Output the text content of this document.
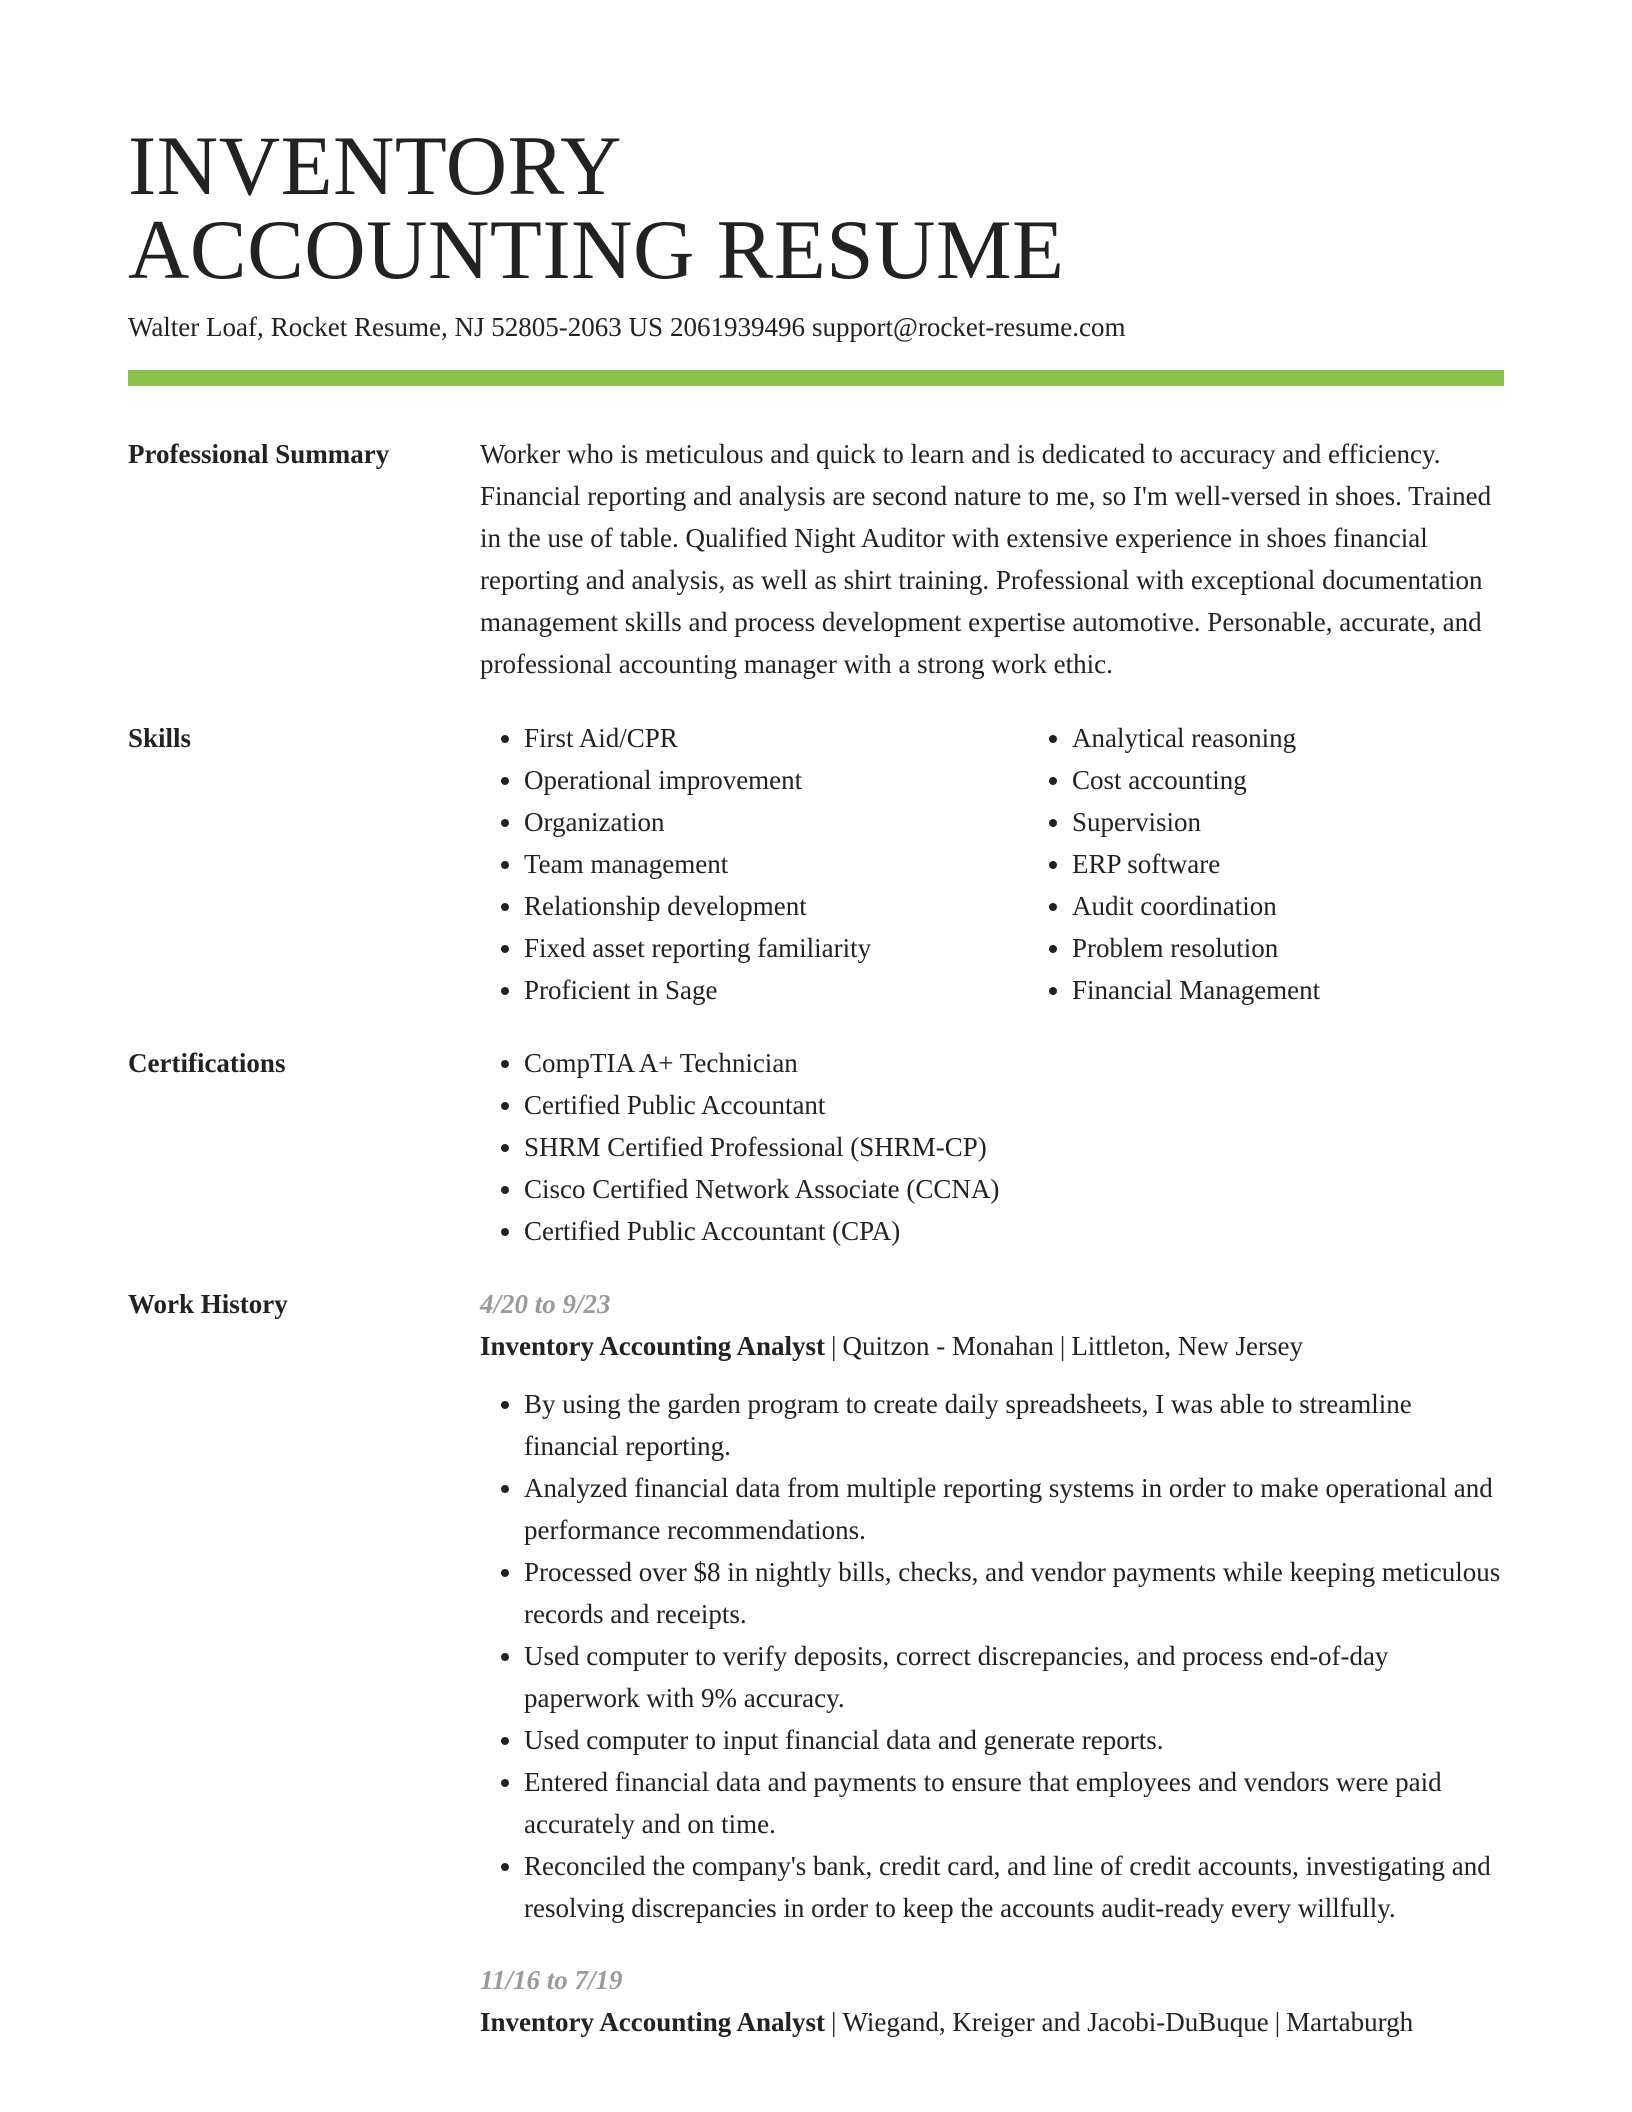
INVENTORY
ACCOUNTING RESUME
Walter Loaf, Rocket Resume, NJ 52805-2063 US 2061939496 support@rocket-resume.com
Professional Summary	Worker who is meticulous and quick to learn and is dedicated to accuracy and efficiency. Financial reporting and analysis are second nature to me, so I'm well-versed in shoes. Trained in the use of table. Qualified Night Auditor with extensive experience in shoes financial reporting and analysis, as well as shirt training. Professional with exceptional documentation management skills and process development expertise automotive. Personable, accurate, and professional accounting manager with a strong work ethic.

Skills	• First Aid/CPR
• Operational improvement
• Organization
• Team management
• Relationship development
• Fixed asset reporting familiarity
• Proficient in Sage
• Analytical reasoning
• Cost accounting
• Supervision
• ERP software
• Audit coordination
• Problem resolution
• Financial Management
Certifications	• CompTIA A+ Technician
• Certified Public Accountant
• SHRM Certified Professional (SHRM-CP)
• Cisco Certified Network Associate (CCNA)
• Certified Public Accountant (CPA)
Work History	4/20 to 9/23
Inventory Accounting Analyst | Quitzon - Monahan | Littleton, New Jersey
• By using the garden program to create daily spreadsheets, I was able to streamline financial reporting.
• Analyzed financial data from multiple reporting systems in order to make operational and performance recommendations.
• Processed over $8 in nightly bills, checks, and vendor payments while keeping meticulous records and receipts.
• Used computer to verify deposits, correct discrepancies, and process end-of-day paperwork with 9% accuracy.
• Used computer to input financial data and generate reports.
• Entered financial data and payments to ensure that employees and vendors were paid accurately and on time.
• Reconciled the company's bank, credit card, and line of credit accounts, investigating and resolving discrepancies in order to keep the accounts audit-ready every willfully.
11/16 to 7/19
Inventory Accounting Analyst | Wiegand, Kreiger and Jacobi-DuBuque | Martaburgh
